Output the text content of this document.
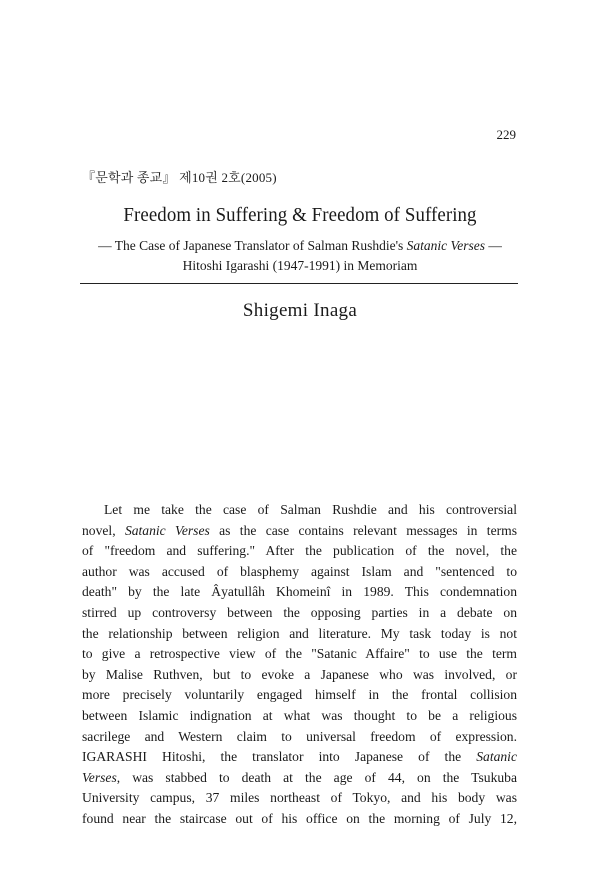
229
『문학과 종교』 제10권 2호(2005)
Freedom in Suffering & Freedom of Suffering
― The Case of Japanese Translator of Salman Rushdie's Satanic Verses ―
Hitoshi Igarashi (1947-1991) in Memoriam
Shigemi Inaga
Let me take the case of Salman Rushdie and his controversial
novel, Satanic Verses as the case contains relevant messages in terms
of "freedom and suffering." After the publication of the novel, the
author was accused of blasphemy against Islam and "sentenced to
death" by the late Âyatullâh Khomeinî in 1989. This condemnation
stirred up controversy between the opposing parties in a debate on
the relationship between religion and literature. My task today is not
to give a retrospective view of the "Satanic Affaire" to use the term
by Malise Ruthven, but to evoke a Japanese who was involved, or
more precisely voluntarily engaged himself in the frontal collision
between Islamic indignation at what was thought to be a religious
sacrilege and Western claim to universal freedom of expression.
IGARASHI Hitoshi, the translator into Japanese of the Satanic
Verses, was stabbed to death at the age of 44, on the Tsukuba
University campus, 37 miles northeast of Tokyo, and his body was
found near the staircase out of his office on the morning of July 12,
